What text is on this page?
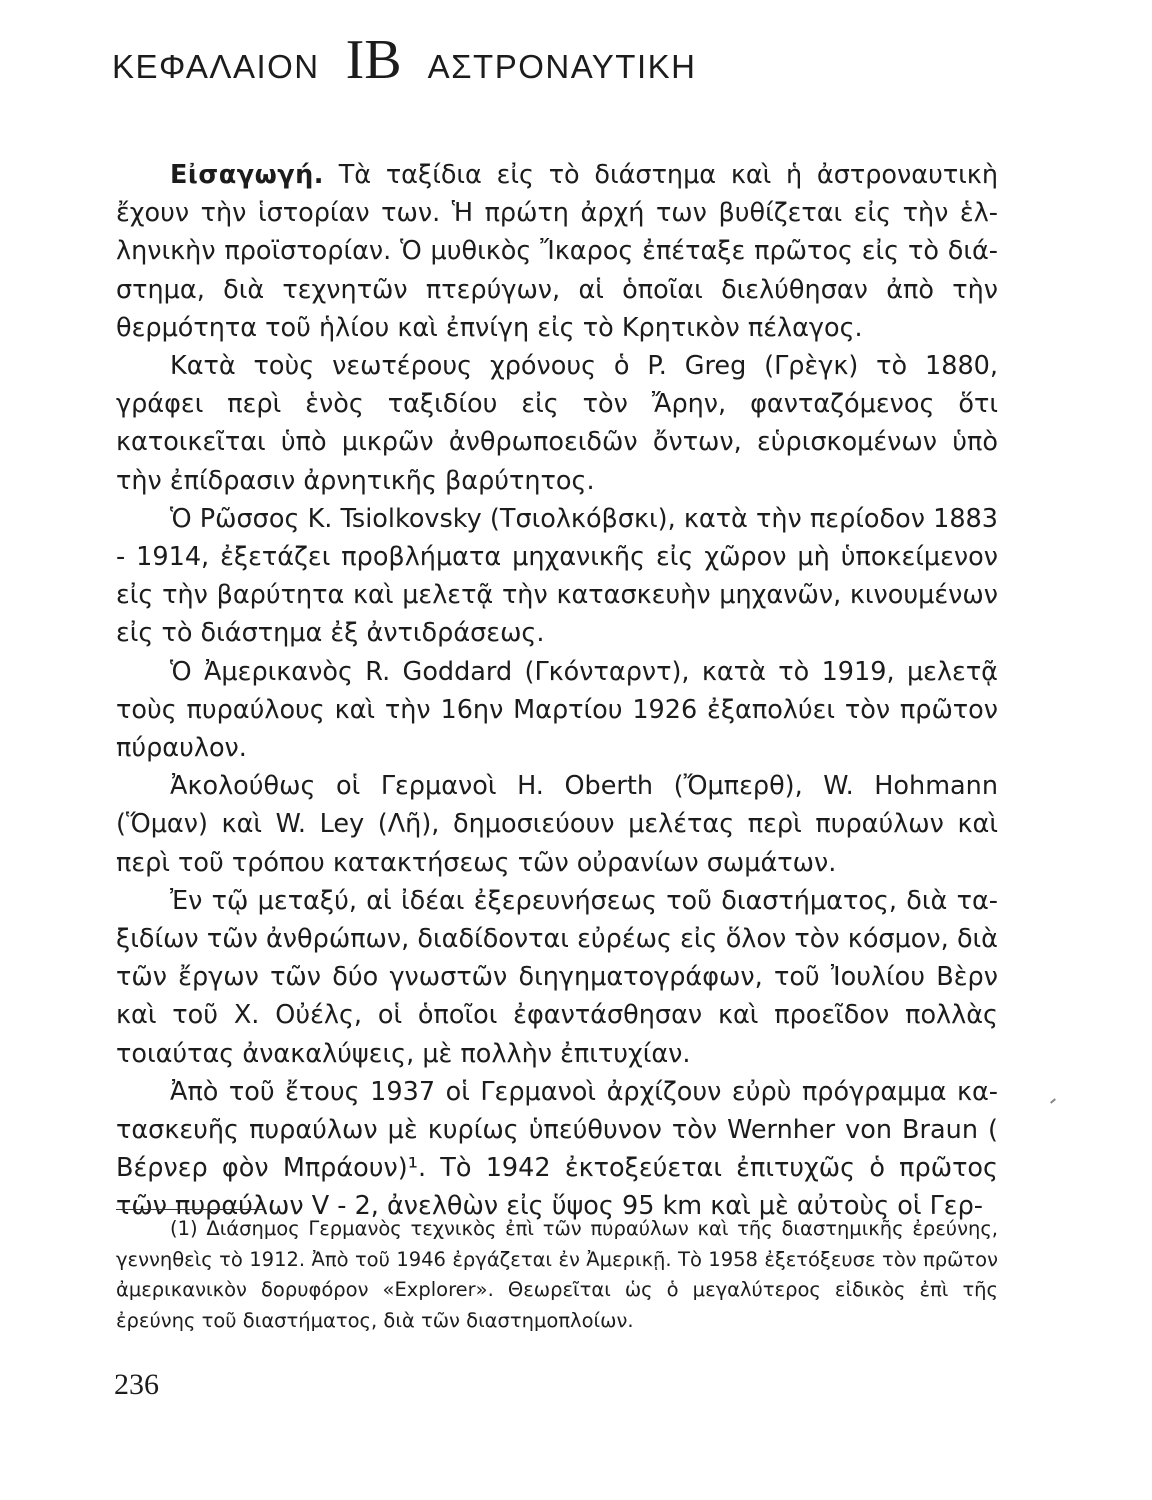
ΚΕΦΑΛΑΙΟΝ ΙΒ ΑΣΤΡΟΝΑΥΤΙΚΗ

Εἰσαγωγή. Τὰ ταξίδια εἰς τὸ διάστημα καὶ ἡ ἀστροναυτικὴ ἔχουν τὴν ἱστορίαν των. Ἡ πρώτη ἀρχή των βυθίζεται εἰς τὴν ἑλληνικὴν προϊστορίαν. Ὁ μυθικὸς Ἴκαρος ἐπέταξε πρῶτος εἰς τὸ διάστημα, διὰ τεχνητῶν πτερύγων, αἱ ὁποῖαι διελύθησαν ἀπὸ τὴν θερμότητα τοῦ ἡλίου καὶ ἐπνίγη εἰς τὸ Κρητικὸν πέλαγος.

Κατὰ τοὺς νεωτέρους χρόνους ὁ P. Greg (Γρὲγκ) τὸ 1880, γράφει περὶ ἑνὸς ταξιδίου εἰς τὸν Ἄρην, φανταζόμενος ὅτι κατοικεῖται ὑπὸ μικρῶν ἀνθρωποειδῶν ὄντων, εὑρισκομένων ὑπὸ τὴν ἐπίδρασιν ἀρνητικῆς βαρύτητος.

Ὁ Ρῶσσος K. Tsiolkovsky (Τσιολκόβσκι), κατὰ τὴν περίοδον 1883 - 1914, ἐξετάζει προβλήματα μηχανικῆς εἰς χῶρον μὴ ὑποκείμενον εἰς τὴν βαρύτητα καὶ μελετᾷ τὴν κατασκευὴν μηχανῶν, κινουμένων εἰς τὸ διάστημα ἐξ ἀντιδράσεως.

Ὁ Ἀμερικανὸς R. Goddard (Γκόνταρντ), κατὰ τὸ 1919, μελετᾷ τοὺς πυραύλους καὶ τὴν 16ην Μαρτίου 1926 ἐξαπολύει τὸν πρῶτον πύραυλον.

Ἀκολούθως οἱ Γερμανοὶ H. Oberth (Ὄμπερθ), W. Hohmann (Ὅμαν) καὶ W. Ley (Λῆ), δημοσιεύουν μελέτας περὶ πυραύλων καὶ περὶ τοῦ τρόπου κατακτήσεως τῶν οὐρανίων σωμάτων.

Ἐν τῷ μεταξύ, αἱ ἰδέαι ἐξερευνήσεως τοῦ διαστήματος, διὰ ταξιδίων τῶν ἀνθρώπων, διαδίδονται εὐρέως εἰς ὅλον τὸν κόσμον, διὰ τῶν ἔργων τῶν δύο γνωστῶν διηγηματογράφων, τοῦ Ἰουλίου Βὲρν καὶ τοῦ Χ. Οὐέλς, οἱ ὁποῖοι ἐφαντάσθησαν καὶ προεῖδον πολλὰς τοιαύτας ἀνακαλύψεις, μὲ πολλὴν ἐπιτυχίαν.

Ἀπὸ τοῦ ἔτους 1937 οἱ Γερμανοὶ ἀρχίζουν εὐρὺ πρόγραμμα κατασκευῆς πυραύλων μὲ κυρίως ὑπεύθυνον τὸν Wernher von Braun ( Βέρνερ φὸν Μπράουν)¹. Τὸ 1942 ἐκτοξεύεται ἐπιτυχῶς ὁ πρῶτος τῶν πυραύλων V - 2, ἀνελθὼν εἰς ὕψος 95 km καὶ μὲ αὐτοὺς οἱ Γερ-

(1) Διάσημος Γερμανὸς τεχνικὸς ἐπὶ τῶν πυραύλων καὶ τῆς διαστημικῆς ἐρεύνης, γεννηθεὶς τὸ 1912. Ἀπὸ τοῦ 1946 ἐργάζεται ἐν Ἀμερικῇ. Τὸ 1958 ἐξετόξευσε τὸν πρῶτον ἀμερικανικὸν δορυφόρον «Explorer». Θεωρεῖται ὡς ὁ μεγαλύτερος εἰδικὸς ἐπὶ τῆς ἐρεύνης τοῦ διαστήματος, διὰ τῶν διαστημοπλοίων.

236
